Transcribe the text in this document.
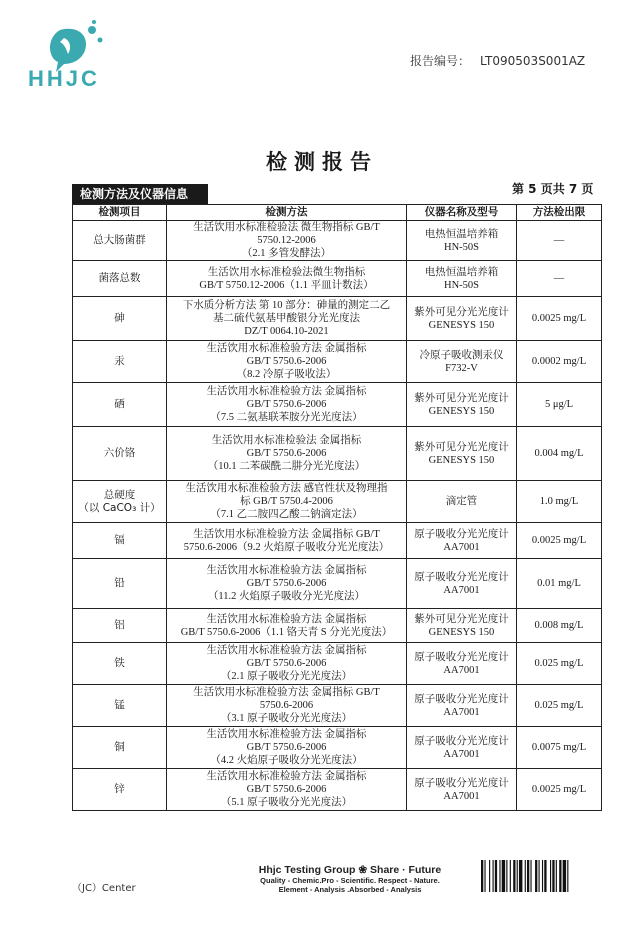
HHJC
报告编号： LT090503S001AZ
检测报告
检测方法及仪器信息	第 5 页共 7 页
检测项目	检测方法	仪器名称及型号	方法检出限

总大肠菌群	生活饮用水标准检验法 微生物指标 GB/T
5750.12-2006
（2.1 多管发酵法）	电热恒温培养箱
HN-50S	—

菌落总数	生活饮用水标准检验法微生物指标
GB/T 5750.12-2006（1.1 平皿计数法）	电热恒温培养箱
HN-50S	—

砷	下水质分析方法 第 10 部分：砷量的测定二乙
基二硫代氨基甲酸银分光光度法
DZ/T 0064.10-2021	紫外可见分光光度计
GENESYS 150	0.0025 mg/L

汞	生活饮用水标准检验方法 金属指标
GB/T 5750.6-2006
（8.2 冷原子吸收法）	冷原子吸收测汞仪
F732-V	0.0002 mg/L

硒	生活饮用水标准检验方法 金属指标
GB/T 5750.6-2006
（7.5 二氨基联苯胺分光光度法）	紫外可见分光光度计
GENESYS 150	5 μg/L

六价铬	生活饮用水标准检验法 金属指标
GB/T 5750.6-2006
（10.1 二苯碳酰二肼分光光度法）	紫外可见分光光度计
GENESYS 150	0.004 mg/L

总硬度
（以 CaCO₃ 计）	生活饮用水标准检验方法 感官性状及物理指
标 GB/T 5750.4-2006
（7.1 乙二胺四乙酸二钠滴定法）	滴定管	1.0 mg/L

镉	生活饮用水标准检验方法 金属指标 GB/T
5750.6-2006（9.2 火焰原子吸收分光光度法）	原子吸收分光光度计
AA7001	0.0025 mg/L

铅	生活饮用水标准检验方法 金属指标
GB/T 5750.6-2006
（11.2 火焰原子吸收分光光度法）	原子吸收分光光度计
AA7001	0.01 mg/L

铝	生活饮用水标准检验方法 金属指标
GB/T 5750.6-2006（1.1 铬天青 S 分光光度法）	紫外可见分光光度计
GENESYS 150	0.008 mg/L

铁	生活饮用水标准检验方法 金属指标
GB/T 5750.6-2006
（2.1 原子吸收分光光度法）	原子吸收分光光度计
AA7001	0.025 mg/L

锰	生活饮用水标准检验方法 金属指标 GB/T
5750.6-2006
（3.1 原子吸收分光光度法）	原子吸收分光光度计
AA7001	0.025 mg/L

铜	生活饮用水标准检验方法 金属指标
GB/T 5750.6-2006
（4.2 火焰原子吸收分光光度法）	原子吸收分光光度计
AA7001	0.0075 mg/L

锌	生活饮用水标准检验方法 金属指标
GB/T 5750.6-2006
（5.1 原子吸收分光光度法）	原子吸收分光光度计
AA7001	0.0025 mg/L
（JC）Center
Hhjc Testing Group ❀ Share · Future
Quality - Chemic.Pro - Scientific. Respect - Nature.
Element - Analysis .Absorbed - Analysis
